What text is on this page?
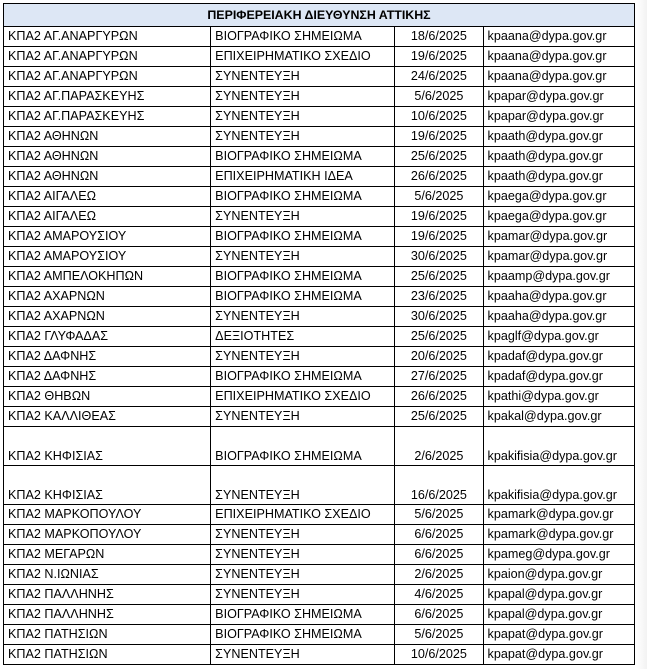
ΠΕΡΙΦΕΡΕΙΑΚΗ ΔΙΕΥΘΥΝΣΗ ΑΤΤΙΚΗΣ			
ΚΠΑ2 ΑΓ.ΑΝΑΡΓΥΡΩΝ	ΒΙΟΓΡΑΦΙΚΟ ΣΗΜΕΙΩΜΑ	18/6/2025	kpaana@dypa.gov.gr
ΚΠΑ2 ΑΓ.ΑΝΑΡΓΥΡΩΝ	ΕΠΙΧΕΙΡΗΜΑΤΙΚΟ ΣΧΕΔΙΟ	19/6/2025	kpaana@dypa.gov.gr
ΚΠΑ2 ΑΓ.ΑΝΑΡΓΥΡΩΝ	ΣΥΝΕΝΤΕΥΞΗ	24/6/2025	kpaana@dypa.gov.gr
ΚΠΑ2 ΑΓ.ΠΑΡΑΣΚΕΥΗΣ	ΣΥΝΕΝΤΕΥΞΗ	5/6/2025	kpapar@dypa.gov.gr
ΚΠΑ2 ΑΓ.ΠΑΡΑΣΚΕΥΗΣ	ΣΥΝΕΝΤΕΥΞΗ	10/6/2025	kpapar@dypa.gov.gr
ΚΠΑ2 ΑΘΗΝΩΝ	ΣΥΝΕΝΤΕΥΞΗ	19/6/2025	kpaath@dypa.gov.gr
ΚΠΑ2 ΑΘΗΝΩΝ	ΒΙΟΓΡΑΦΙΚΟ ΣΗΜΕΙΩΜΑ	25/6/2025	kpaath@dypa.gov.gr
ΚΠΑ2 ΑΘΗΝΩΝ	ΕΠΙΧΕΙΡΗΜΑΤΙΚΗ ΙΔΕΑ	26/6/2025	kpaath@dypa.gov.gr
ΚΠΑ2 ΑΙΓΑΛΕΩ	ΒΙΟΓΡΑΦΙΚΟ ΣΗΜΕΙΩΜΑ	5/6/2025	kpaega@dypa.gov.gr
ΚΠΑ2 ΑΙΓΑΛΕΩ	ΣΥΝΕΝΤΕΥΞΗ	19/6/2025	kpaega@dypa.gov.gr
ΚΠΑ2 ΑΜΑΡΟΥΣΙΟΥ	ΒΙΟΓΡΑΦΙΚΟ ΣΗΜΕΙΩΜΑ	19/6/2025	kpamar@dypa.gov.gr
ΚΠΑ2 ΑΜΑΡΟΥΣΙΟΥ	ΣΥΝΕΝΤΕΥΞΗ	30/6/2025	kpamar@dypa.gov.gr
ΚΠΑ2 ΑΜΠΕΛΟΚΗΠΩΝ	ΒΙΟΓΡΑΦΙΚΟ ΣΗΜΕΙΩΜΑ	25/6/2025	kpaamp@dypa.gov.gr
ΚΠΑ2 ΑΧΑΡΝΩΝ	ΒΙΟΓΡΑΦΙΚΟ ΣΗΜΕΙΩΜΑ	23/6/2025	kpaaha@dypa.gov.gr
ΚΠΑ2 ΑΧΑΡΝΩΝ	ΣΥΝΕΝΤΕΥΞΗ	30/6/2025	kpaaha@dypa.gov.gr
ΚΠΑ2 ΓΛΥΦΑΔΑΣ	ΔΕΞΙΟΤΗΤΕΣ	25/6/2025	kpaglf@dypa.gov.gr
ΚΠΑ2 ΔΑΦΝΗΣ	ΣΥΝΕΝΤΕΥΞΗ	20/6/2025	kpadaf@dypa.gov.gr
ΚΠΑ2 ΔΑΦΝΗΣ	ΒΙΟΓΡΑΦΙΚΟ ΣΗΜΕΙΩΜΑ	27/6/2025	kpadaf@dypa.gov.gr
ΚΠΑ2 ΘΗΒΩΝ	ΕΠΙΧΕΙΡΗΜΑΤΙΚΟ ΣΧΕΔΙΟ	26/6/2025	kpathi@dypa.gov.gr
ΚΠΑ2 ΚΑΛΛΙΘΕΑΣ	ΣΥΝΕΝΤΕΥΞΗ	25/6/2025	kpakal@dypa.gov.gr
ΚΠΑ2 ΚΗΦΙΣΙΑΣ	ΒΙΟΓΡΑΦΙΚΟ ΣΗΜΕΙΩΜΑ	2/6/2025	kpakifisia@dypa.gov.gr
ΚΠΑ2 ΚΗΦΙΣΙΑΣ	ΣΥΝΕΝΤΕΥΞΗ	16/6/2025	kpakifisia@dypa.gov.gr
ΚΠΑ2 ΜΑΡΚΟΠΟΥΛΟΥ	ΕΠΙΧΕΙΡΗΜΑΤΙΚΟ ΣΧΕΔΙΟ	5/6/2025	kpamark@dypa.gov.gr
ΚΠΑ2 ΜΑΡΚΟΠΟΥΛΟΥ	ΣΥΝΕΝΤΕΥΞΗ	6/6/2025	kpamark@dypa.gov.gr
ΚΠΑ2 ΜΕΓΑΡΩΝ	ΣΥΝΕΝΤΕΥΞΗ	6/6/2025	kpameg@dypa.gov.gr
ΚΠΑ2 Ν.ΙΩΝΙΑΣ	ΣΥΝΕΝΤΕΥΞΗ	2/6/2025	kpaion@dypa.gov.gr
ΚΠΑ2 ΠΑΛΛΗΝΗΣ	ΣΥΝΕΝΤΕΥΞΗ	4/6/2025	kpapal@dypa.gov.gr
ΚΠΑ2 ΠΑΛΛΗΝΗΣ	ΒΙΟΓΡΑΦΙΚΟ ΣΗΜΕΙΩΜΑ	6/6/2025	kpapal@dypa.gov.gr
ΚΠΑ2 ΠΑΤΗΣΙΩΝ	ΒΙΟΓΡΑΦΙΚΟ ΣΗΜΕΙΩΜΑ	5/6/2025	kpapat@dypa.gov.gr
ΚΠΑ2 ΠΑΤΗΣΙΩΝ	ΣΥΝΕΝΤΕΥΞΗ	10/6/2025	kpapat@dypa.gov.gr
